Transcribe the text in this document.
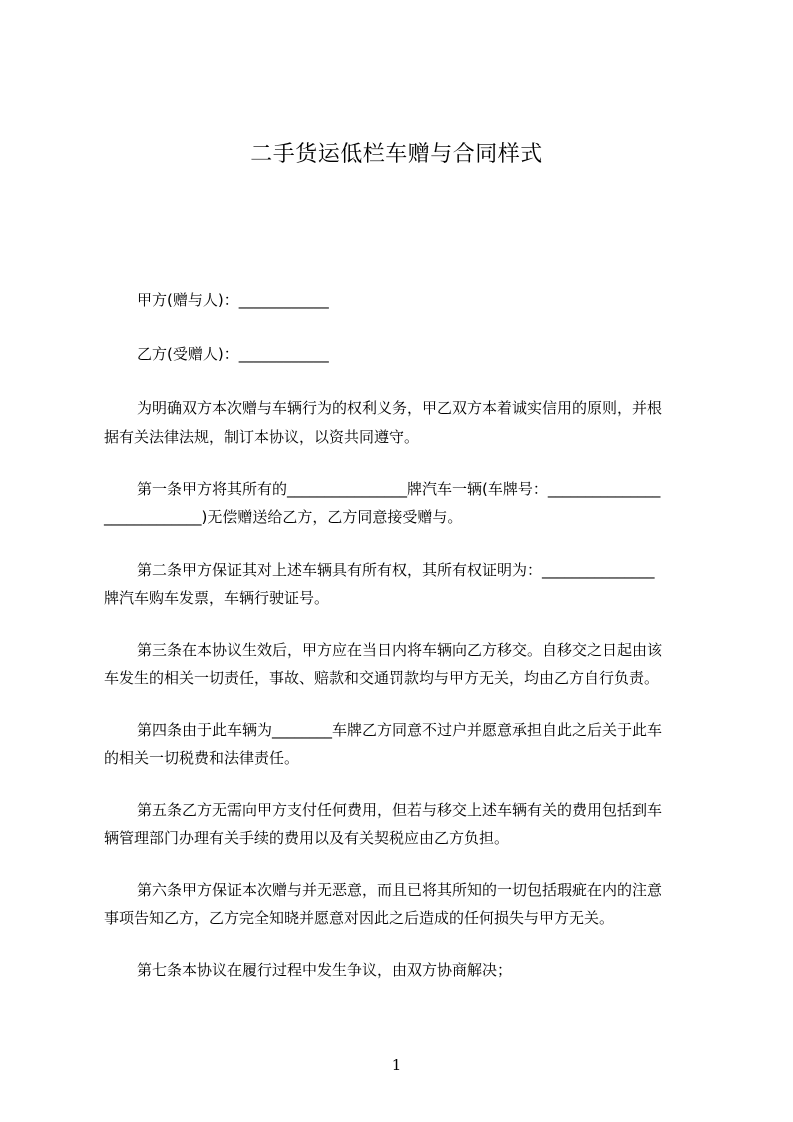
二手货运低栏车赠与合同样式
甲方(赠与人)：____________
乙方(受赠人)：____________
为明确双方本次赠与车辆行为的权利义务，甲乙双方本着诚实信用的原则，并根
据有关法律法规，制订本协议，以资共同遵守。
第一条甲方将其所有的________________牌汽车一辆(车牌号：_______________
_____________)无偿赠送给乙方，乙方同意接受赠与。
第二条甲方保证其对上述车辆具有所有权，其所有权证明为：_______________
牌汽车购车发票，车辆行驶证号。
第三条在本协议生效后，甲方应在当日内将车辆向乙方移交。自移交之日起由该
车发生的相关一切责任，事故、赔款和交通罚款均与甲方无关，均由乙方自行负责。
第四条由于此车辆为________车牌乙方同意不过户并愿意承担自此之后关于此车
的相关一切税费和法律责任。
第五条乙方无需向甲方支付任何费用，但若与移交上述车辆有关的费用包括到车
辆管理部门办理有关手续的费用以及有关契税应由乙方负担。
第六条甲方保证本次赠与并无恶意，而且已将其所知的一切包括瑕疵在内的注意
事项告知乙方，乙方完全知晓并愿意对因此之后造成的任何损失与甲方无关。
第七条本协议在履行过程中发生争议，由双方协商解决；
1
